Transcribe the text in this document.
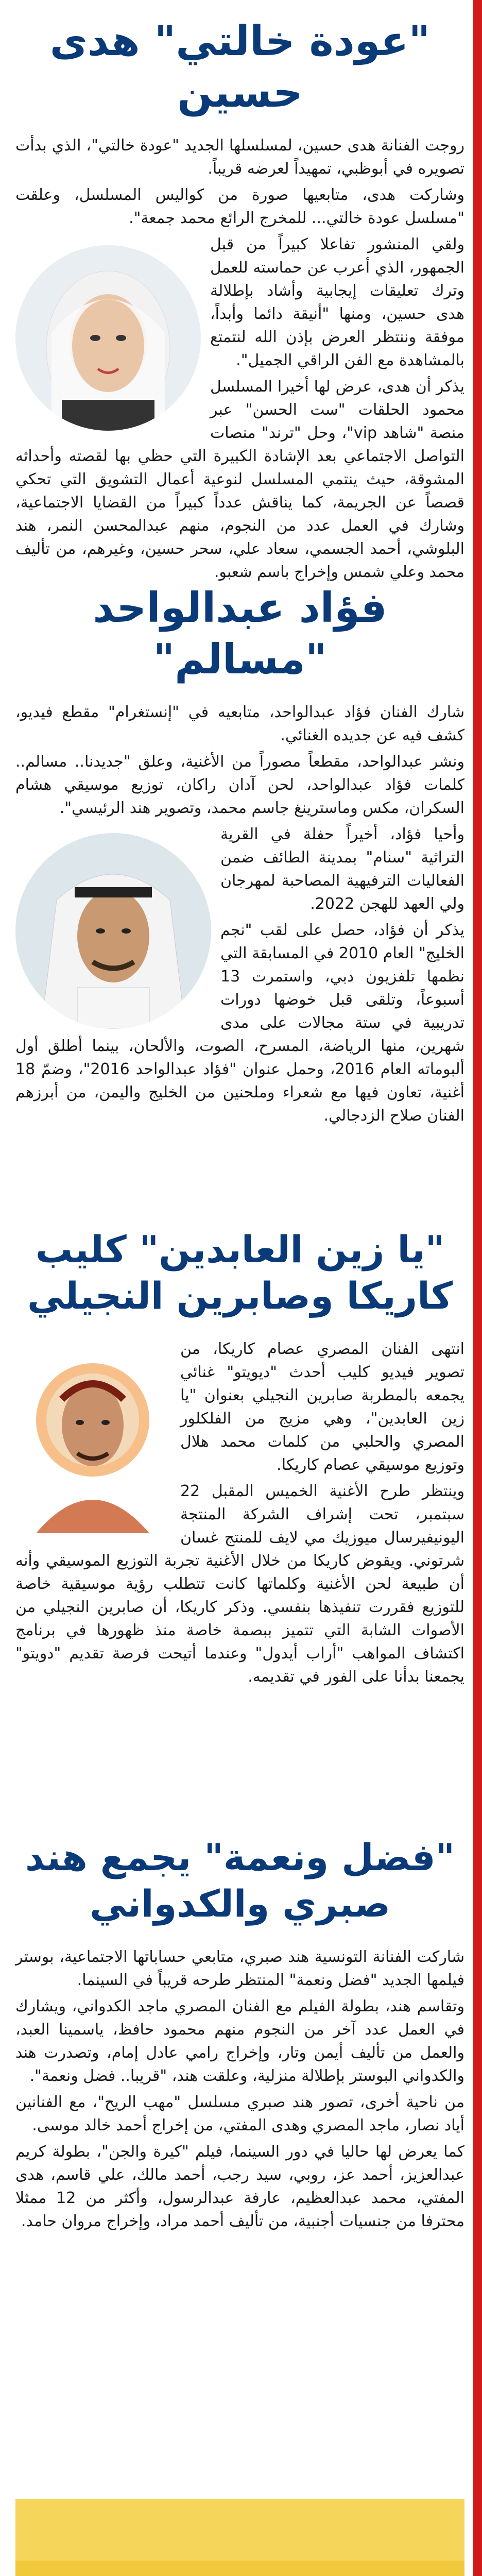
"عودة خالتي" هدى حسين

روجت الفنانة هدى حسين، لمسلسلها الجديد "عودة خالتي"، الذي بدأت تصويره في أبوظبي، تمهيداً لعرضه قريباً.

وشاركت هدى، متابعيها صورة من كواليس المسلسل، وعلقت "مسلسل عودة خالتي... للمخرج الرائع محمد جمعة".

ولقي المنشور تفاعلا كبيراً من قبل الجمهور، الذي أعرب عن حماسته للعمل وترك تعليقات إيجابية وأشاد بإطلالة هدى حسين، ومنها "أنيقة دائما وأبداً، موفقة وننتظر العرض بإذن الله لنتمتع بالمشاهدة مع الفن الراقي الجميل".

يذكر أن هدى، عرض لها أخيرا المسلسل محمود الحلقات "ست الحسن" عبر منصة "شاهد vip"، وحل "ترند" منصات التواصل الاجتماعي بعد الإشادة الكبيرة التي حظي بها لقصته وأحداثه المشوقة، حيث ينتمي المسلسل لنوعية أعمال التشويق التي تحكي قصصاً عن الجريمة، كما يناقش عدداً كبيراً من القضايا الاجتماعية، وشارك في العمل عدد من النجوم، منهم عبدالمحسن النمر، هند البلوشي، أحمد الجسمي، سعاد علي، سحر حسين، وغيرهم، من تأليف محمد وعلي شمس وإخراج باسم شعبو.

فؤاد عبدالواحد "مسالم"

شارك الفنان فؤاد عبدالواحد، متابعيه في "إنستغرام" مقطع فيديو، كشف فيه عن جديده الغنائي.

ونشر عبدالواحد، مقطعاً مصوراً من الأغنية، وعلق "جديدنا.. مسالم.. كلمات فؤاد عبدالواحد، لحن آدان راكان، توزيع موسيقي هشام السكران، مكس وماسترينغ جاسم محمد، وتصوير هند الرئيسي".

وأحيا فؤاد، أخيراً حفلة في القرية التراثية "سنام" بمدينة الطائف ضمن الفعاليات الترفيهية المصاحبة لمهرجان ولي العهد للهجن 2022.

يذكر أن فؤاد، حصل على لقب "نجم الخليج" العام 2010 في المسابقة التي نظمها تلفزيون دبي، واستمرت 13 أسبوعاً، وتلقى قبل خوضها دورات تدريبية في ستة مجالات على مدى شهرين، منها الرياضة، المسرح، الصوت، والألحان، بينما أطلق أول ألبوماته العام 2016، وحمل عنوان "فؤاد عبدالواحد 2016"، وضمّ 18 أغنية، تعاون فيها مع شعراء وملحنين من الخليج واليمن، من أبرزهم الفنان صلاح الزدجالي.

"يا زين العابدين" كليب كاريكا وصابرين النجيلي

انتهى الفنان المصري عصام كاريكا، من تصوير فيديو كليب أحدث "ديويتو" غنائي يجمعه بالمطربة صابرين النجيلي بعنوان "يا زين العابدين"، وهي مزيج من الفلكلور المصري والحلبي من كلمات محمد هلال وتوزيع موسيقي عصام كاريكا.

وينتظر طرح الأغنية الخميس المقبل 22 سبتمبر، تحت إشراف الشركة المنتجة اليونيفيرسال ميوزيك مي لايف للمنتج غسان شرتوني. ويقوض كاريكا من خلال الأغنية تجربة التوزيع الموسيقي وأنه أن طبيعة لحن الأغنية وكلماتها كانت تتطلب رؤية موسيقية خاصة للتوزيع فقررت تنفيذها بنفسي. وذكر كاريكا، أن صابرين النجيلي من الأصوات الشابة التي تتميز ببصمة خاصة منذ ظهورها في برنامج اكتشاف المواهب "أراب أيدول" وعندما أتيحت فرصة تقديم "دويتو" يجمعنا بدأنا على الفور في تقديمه.

"فضل ونعمة" يجمع هند صبري والكدواني

شاركت الفنانة التونسية هند صبري، متابعي حساباتها الاجتماعية، بوستر فيلمها الجديد "فضل ونعمة" المنتظر طرحه قريباً في السينما.

وتقاسم هند، بطولة الفيلم مع الفنان المصري ماجد الكدواني، ويشارك في العمل عدد آخر من النجوم منهم محمود حافظ، ياسمينا العبد، والعمل من تأليف أيمن وتار، وإخراج رامي عادل إمام، وتصدرت هند والكدواني البوستر بإطلالة منزلية، وعلقت هند، "قريبا.. فضل ونعمة".

من ناحية أخرى، تصور هند صبري مسلسل "مهب الريح"، مع الفنانين أياد نصار، ماجد المصري وهدى المفتي، من إخراج أحمد خالد موسى.

كما يعرض لها حاليا في دور السينما، فيلم "كيرة والجن"، بطولة كريم عبدالعزيز، أحمد عز، روبي، سيد رجب، أحمد مالك، علي قاسم، هدى المفتي، محمد عبدالعظيم، عارفة عبدالرسول، وأكثر من 12 ممثلا محترفا من جنسيات أجنبية، من تأليف أحمد مراد، وإخراج مروان حامد.
